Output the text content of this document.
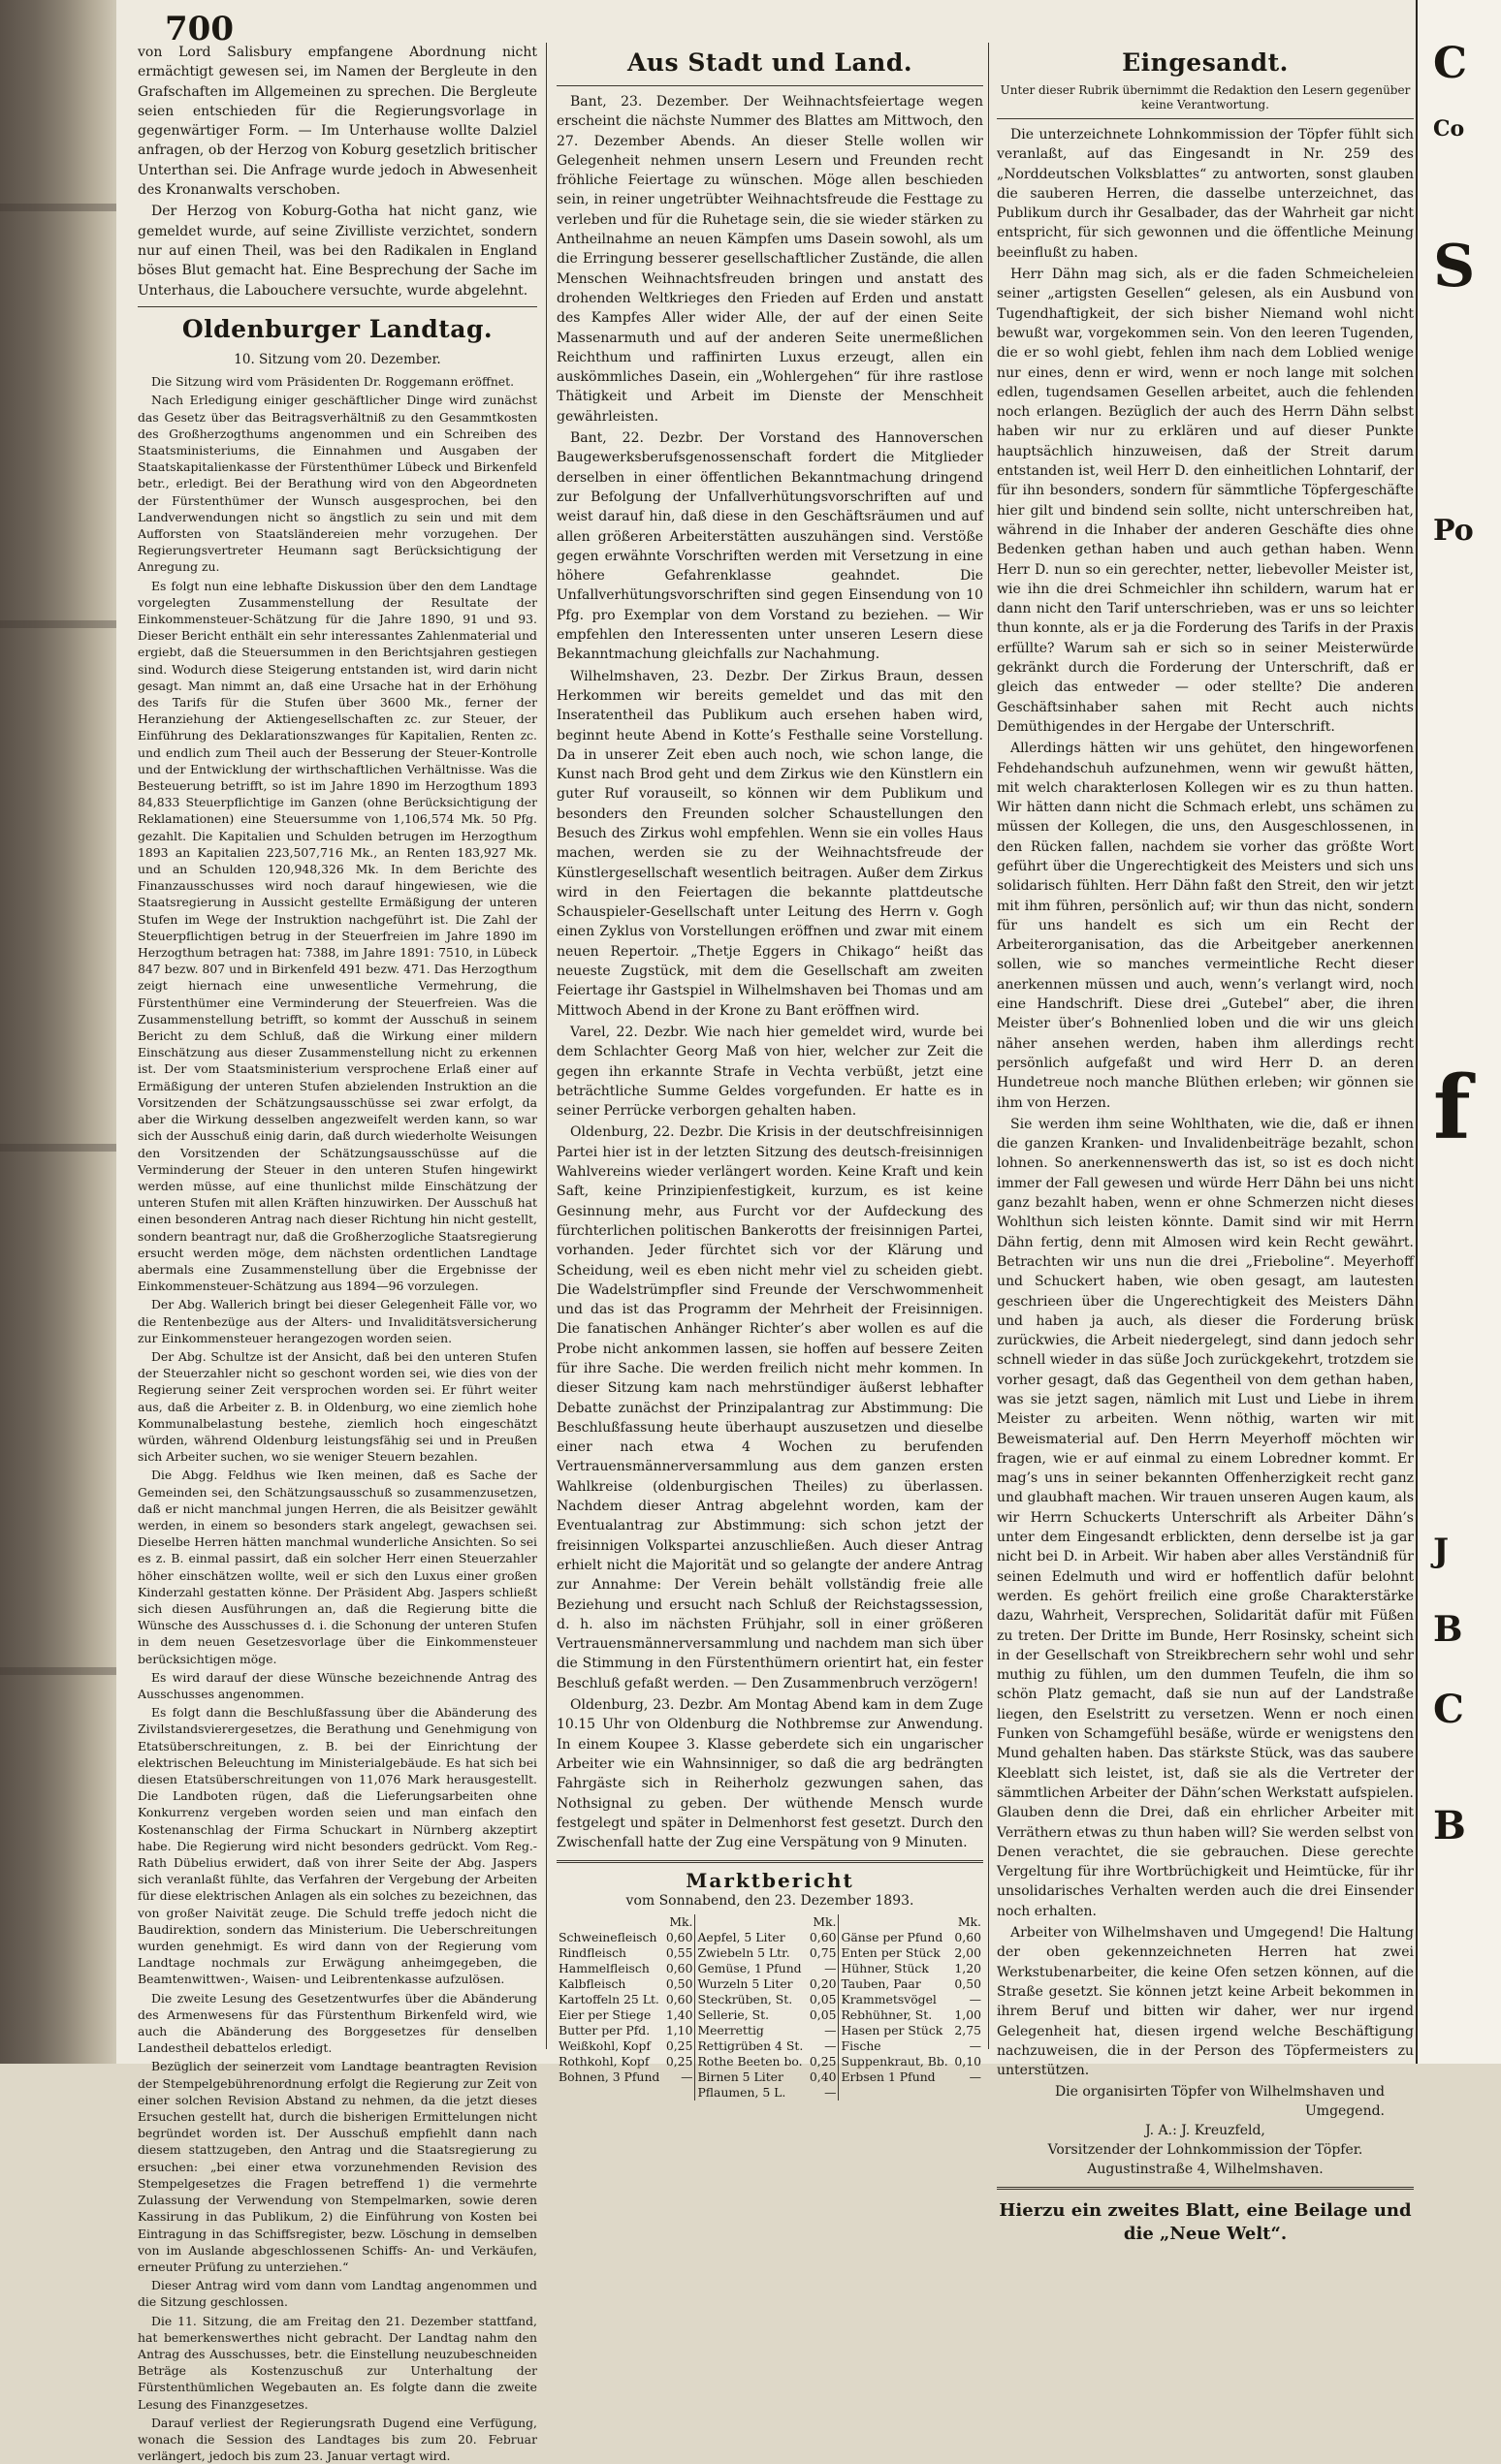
700

von Lord Salisbury empfangene Abordnung nicht ermächtigt gewesen sei, im Namen der Bergleute in den Grafschaften im Allgemeinen zu sprechen. Die Bergleute seien entschieden für die Regierungsvorlage in gegenwärtiger Form. — Im Unterhause wollte Dalziel anfragen, ob der Herzog von Koburg gesetzlich britischer Unterthan sei. Die Anfrage wurde jedoch in Abwesenheit des Kronanwalts verschoben.

Der Herzog von Koburg-Gotha hat nicht ganz, wie gemeldet wurde, auf seine Zivilliste verzichtet, sondern nur auf einen Theil, was bei den Radikalen in England böses Blut gemacht hat. Eine Besprechung der Sache im Unterhaus, die Labouchere versuchte, wurde abgelehnt.

Oldenburger Landtag.
10. Sitzung vom 20. Dezember.

Die Sitzung wird vom Präsidenten Dr. Roggemann eröffnet.

Nach Erledigung einiger geschäftlicher Dinge wird zunächst das Gesetz über das Beitragsverhältniß zu den Gesammtkosten des Großherzogthums angenommen und ein Schreiben des Staatsministeriums, die Einnahmen und Ausgaben der Staatskapitalienkasse der Fürstenthümer Lübeck und Birkenfeld betr., erledigt. Bei der Berathung wird von den Abgeordneten der Fürstenthümer der Wunsch ausgesprochen, bei den Landverwendungen nicht so ängstlich zu sein und mit dem Aufforsten von Staatsländereien mehr vorzugehen. Der Regierungsvertreter Heumann sagt Berücksichtigung der Anregung zu.

Es folgt nun eine lebhafte Diskussion über den dem Landtage vorgelegten Zusammenstellung der Resultate der Einkommensteuer-Schätzung für die Jahre 1890, 91 und 93. Dieser Bericht enthält ein sehr interessantes Zahlenmaterial und ergiebt, daß die Steuersummen in den Berichtsjahren gestiegen sind. Wodurch diese Steigerung entstanden ist, wird darin nicht gesagt. Man nimmt an, daß eine Ursache hat in der Erhöhung des Tarifs für die Stufen über 3600 Mk., ferner der Heranziehung der Aktiengesellschaften zc. zur Steuer, der Einführung des Deklarationszwanges für Kapitalien, Renten zc. und endlich zum Theil auch der Besserung der Steuer-Kontrolle und der Entwicklung der wirthschaftlichen Verhältnisse. Was die Besteuerung betrifft, so ist im Jahre 1890 im Herzogthum 1893 84,833 Steuerpflichtige im Ganzen (ohne Berücksichtigung der Reklamationen) eine Steuersumme von 1,106,574 Mk. 50 Pfg. gezahlt. Die Kapitalien und Schulden betrugen im Herzogthum 1893 an Kapitalien 223,507,716 Mk., an Renten 183,927 Mk. und an Schulden 120,948,326 Mk. In dem Berichte des Finanzausschusses wird noch darauf hingewiesen, wie die Staatsregierung in Aussicht gestellte Ermäßigung der unteren Stufen im Wege der Instruktion nachgeführt ist. Die Zahl der Steuerpflichtigen betrug in der Steuerfreien im Jahre 1890 im Herzogthum betragen hat: 7388, im Jahre 1891: 7510, in Lübeck 847 bezw. 807 und in Birkenfeld 491 bezw. 471. Das Herzogthum zeigt hiernach eine unwesentliche Vermehrung, die Fürstenthümer eine Verminderung der Steuerfreien. Was die Zusammenstellung betrifft, so kommt der Ausschuß in seinem Bericht zu dem Schluß, daß die Wirkung einer mildern Einschätzung aus dieser Zusammenstellung nicht zu erkennen ist. Der vom Staatsministerium versprochene Erlaß einer auf Ermäßigung der unteren Stufen abzielenden Instruktion an die Vorsitzenden der Schätzungsausschüsse sei zwar erfolgt, da aber die Wirkung desselben angezweifelt werden kann, so war sich der Ausschuß einig darin, daß durch wiederholte Weisungen den Vorsitzenden der Schätzungsausschüsse auf die Verminderung der Steuer in den unteren Stufen hingewirkt werden müsse, auf eine thunlichst milde Einschätzung der unteren Stufen mit allen Kräften hinzuwirken. Der Ausschuß hat einen besonderen Antrag nach dieser Richtung hin nicht gestellt, sondern beantragt nur, daß die Großherzogliche Staatsregierung ersucht werden möge, dem nächsten ordentlichen Landtage abermals eine Zusammenstellung über die Ergebnisse der Einkommensteuer-Schätzung aus 1894—96 vorzulegen.

Der Abg. Wallerich bringt bei dieser Gelegenheit Fälle vor, wo die Rentenbezüge aus der Alters- und Invaliditätsversicherung zur Einkommensteuer herangezogen worden seien.

Der Abg. Schultze ist der Ansicht, daß bei den unteren Stufen der Steuerzahler nicht so geschont worden sei, wie dies von der Regierung seiner Zeit versprochen worden sei. Er führt weiter aus, daß die Arbeiter z. B. in Oldenburg, wo eine ziemlich hohe Kommunalbelastung bestehe, ziemlich hoch eingeschätzt würden, während Oldenburg leistungsfähig sei und in Preußen sich Arbeiter suchen, wo sie weniger Steuern bezahlen.

Die Abgg. Feldhus wie Iken meinen, daß es Sache der Gemeinden sei, den Schätzungsausschuß so zusammenzusetzen, daß er nicht manchmal jungen Herren, die als Beisitzer gewählt werden, in einem so besonders stark angelegt, gewachsen sei. Dieselbe Herren hätten manchmal wunderliche Ansichten. So sei es z. B. einmal passirt, daß ein solcher Herr einen Steuerzahler höher einschätzen wollte, weil er sich den Luxus einer großen Kinderzahl gestatten könne. Der Präsident Abg. Jaspers schließt sich diesen Ausführungen an, daß die Regierung bitte die Wünsche des Ausschusses d. i. die Schonung der unteren Stufen in dem neuen Gesetzesvorlage über die Einkommensteuer berücksichtigen möge.

Es wird darauf der diese Wünsche bezeichnende Antrag des Ausschusses angenommen.

Es folgt dann die Beschlußfassung über die Abänderung des Zivilstandsvierergesetzes, die Berathung und Genehmigung von Etatsüberschreitungen, z. B. bei der Einrichtung der elektrischen Beleuchtung im Ministerialgebäude. Es hat sich bei diesen Etatsüberschreitungen von 11,076 Mark herausgestellt. Die Landboten rügen, daß die Lieferungsarbeiten ohne Konkurrenz vergeben worden seien und man einfach den Kostenanschlag der Firma Schuckart in Nürnberg akzeptirt habe. Die Regierung wird nicht besonders gedrückt. Vom Reg.-Rath Dübelius erwidert, daß von ihrer Seite der Abg. Jaspers sich veranlaßt fühlte, das Verfahren der Vergebung der Arbeiten für diese elektrischen Anlagen als ein solches zu bezeichnen, das von großer Naivität zeuge. Die Schuld treffe jedoch nicht die Baudirektion, sondern das Ministerium. Die Ueberschreitungen wurden genehmigt. Es wird dann von der Regierung vom Landtage nochmals zur Erwägung anheimgegeben, die Beamtenwittwen-, Waisen- und Leibrentenkasse aufzulösen.

Die zweite Lesung des Gesetzentwurfes über die Abänderung des Armenwesens für das Fürstenthum Birkenfeld wird, wie auch die Abänderung des Borggesetzes für denselben Landestheil debattelos erledigt.

Bezüglich der seinerzeit vom Landtage beantragten Revision der Stempelgebührenordnung erfolgt die Regierung zur Zeit von einer solchen Revision Abstand zu nehmen, da die jetzt dieses Ersuchen gestellt hat, durch die bisherigen Ermittelungen nicht begründet worden ist. Der Ausschuß empfiehlt dann nach diesem stattzugeben, den Antrag und die Staatsregierung zu ersuchen: „bei einer etwa vorzunehmenden Revision des Stempelgesetzes die Fragen betreffend 1) die vermehrte Zulassung der Verwendung von Stempelmarken, sowie deren Kassirung in das Publikum, 2) die Einführung von Kosten bei Eintragung in das Schiffsregister, bezw. Löschung in demselben von im Auslande abgeschlossenen Schiffs- An- und Verkäufen, erneuter Prüfung zu unterziehen.“

Dieser Antrag wird vom dann vom Landtag angenommen und die Sitzung geschlossen.

Die 11. Sitzung, die am Freitag den 21. Dezember stattfand, hat bemerkenswerthes nicht gebracht. Der Landtag nahm den Antrag des Ausschusses, betr. die Einstellung neuzubeschneiden Beträge als Kostenzuschuß zur Unterhaltung der Fürstenthümlichen Wegebauten an. Es folgte dann die zweite Lesung des Finanzgesetzes.

Darauf verliest der Regierungsrath Dugend eine Verfügung, wonach die Session des Landtages bis zum 20. Februar verlängert, jedoch bis zum 23. Januar vertagt wird.

Aus Stadt und Land.

Bant, 23. Dezember. Der Weihnachtsfeiertage wegen erscheint die nächste Nummer des Blattes am Mittwoch, den 27. Dezember Abends. An dieser Stelle wollen wir Gelegenheit nehmen unsern Lesern und Freunden recht fröhliche Feiertage zu wünschen. Möge allen beschieden sein, in reiner ungetrübter Weihnachtsfreude die Festtage zu verleben und für die Ruhetage sein, die sie wieder stärken zu Antheilnahme an neuen Kämpfen ums Dasein sowohl, als um die Erringung besserer gesellschaftlicher Zustände, die allen Menschen Weihnachtsfreuden bringen und anstatt des drohenden Weltkrieges den Frieden auf Erden und anstatt des Kampfes Aller wider Alle, der auf der einen Seite Massenarmuth und auf der anderen Seite unermeßlichen Reichthum und raffinirten Luxus erzeugt, allen ein auskömmliches Dasein, ein „Wohlergehen“ für ihre rastlose Thätigkeit und Arbeit im Dienste der Menschheit gewährleisten.

Bant, 22. Dezbr. Der Vorstand des Hannoverschen Baugewerksberufsgenossenschaft fordert die Mitglieder derselben in einer öffentlichen Bekanntmachung dringend zur Befolgung der Unfallverhütungsvorschriften auf und weist darauf hin, daß diese in den Geschäftsräumen und auf allen größeren Arbeiterstätten auszuhängen sind. Verstöße gegen erwähnte Vorschriften werden mit Versetzung in eine höhere Gefahrenklasse geahndet. Die Unfallverhütungsvorschriften sind gegen Einsendung von 10 Pfg. pro Exemplar von dem Vorstand zu beziehen. — Wir empfehlen den Interessenten unter unseren Lesern diese Bekanntmachung gleichfalls zur Nachahmung.

Wilhelmshaven, 23. Dezbr. Der Zirkus Braun, dessen Herkommen wir bereits gemeldet und das mit den Inseratentheil das Publikum auch ersehen haben wird, beginnt heute Abend in Kotte’s Festhalle seine Vorstellung. Da in unserer Zeit eben auch noch, wie schon lange, die Kunst nach Brod geht und dem Zirkus wie den Künstlern ein guter Ruf vorauseilt, so können wir dem Publikum und besonders den Freunden solcher Schaustellungen den Besuch des Zirkus wohl empfehlen. Wenn sie ein volles Haus machen, werden sie zu der Weihnachtsfreude der Künstlergesellschaft wesentlich beitragen. Außer dem Zirkus wird in den Feiertagen die bekannte plattdeutsche Schauspieler-Gesellschaft unter Leitung des Herrn v. Gogh einen Zyklus von Vorstellungen eröffnen und zwar mit einem neuen Repertoir. „Thetje Eggers in Chikago“ heißt das neueste Zugstück, mit dem die Gesellschaft am zweiten Feiertage ihr Gastspiel in Wilhelmshaven bei Thomas und am Mittwoch Abend in der Krone zu Bant eröffnen wird.

Varel, 22. Dezbr. Wie nach hier gemeldet wird, wurde bei dem Schlachter Georg Maß von hier, welcher zur Zeit die gegen ihn erkannte Strafe in Vechta verbüßt, jetzt eine beträchtliche Summe Geldes vorgefunden. Er hatte es in seiner Perrücke verborgen gehalten haben.

Oldenburg, 22. Dezbr. Die Krisis in der deutschfreisinnigen Partei hier ist in der letzten Sitzung des deutsch-freisinnigen Wahlvereins wieder verlängert worden. Keine Kraft und kein Saft, keine Prinzipienfestigkeit, kurzum, es ist keine Gesinnung mehr, aus Furcht vor der Aufdeckung des fürchterlichen politischen Bankerotts der freisinnigen Partei, vorhanden. Jeder fürchtet sich vor der Klärung und Scheidung, weil es eben nicht mehr viel zu scheiden giebt. Die Wadelstrümpfler sind Freunde der Verschwommenheit und das ist das Programm der Mehrheit der Freisinnigen. Die fanatischen Anhänger Richter’s aber wollen es auf die Probe nicht ankommen lassen, sie hoffen auf bessere Zeiten für ihre Sache. Die werden freilich nicht mehr kommen. In dieser Sitzung kam nach mehrstündiger äußerst lebhafter Debatte zunächst der Prinzipalantrag zur Abstimmung: Die Beschlußfassung heute überhaupt auszusetzen und dieselbe einer nach etwa 4 Wochen zu berufenden Vertrauensmännerversammlung aus dem ganzen ersten Wahlkreise (oldenburgischen Theiles) zu überlassen. Nachdem dieser Antrag abgelehnt worden, kam der Eventualantrag zur Abstimmung: sich schon jetzt der freisinnigen Volkspartei anzuschließen. Auch dieser Antrag erhielt nicht die Majorität und so gelangte der andere Antrag zur Annahme: Der Verein behält vollständig freie alle Beziehung und ersucht nach Schluß der Reichstagssession, d. h. also im nächsten Frühjahr, soll in einer größeren Vertrauensmännerversammlung und nachdem man sich über die Stimmung in den Fürstenthümern orientirt hat, ein fester Beschluß gefaßt werden. — Den Zusammenbruch verzögern!

Oldenburg, 23. Dezbr. Am Montag Abend kam in dem Zuge 10.15 Uhr von Oldenburg die Nothbremse zur Anwendung. In einem Koupee 3. Klasse geberdete sich ein ungarischer Arbeiter wie ein Wahnsinniger, so daß die arg bedrängten Fahrgäste sich in Reiherholz gezwungen sahen, das Nothsignal zu geben. Der wüthende Mensch wurde festgelegt und später in Delmenhorst fest gesetzt. Durch den Zwischenfall hatte der Zug eine Verspätung von 9 Minuten.

Marktbericht
vom Sonnabend, den 23. Dezember 1893.
	Mk.		Mk.		Mk.
Schweinefleisch	0,60	Aepfel, 5 Liter	0,60	Gänse per Pfund	0,60
Rindfleisch	0,55	Zwiebeln 5 Ltr.	0,75	Enten per Stück	2,00
Hammelfleisch	0,60	Gemüse, 1 Pfund	—	Hühner, Stück	1,20
Kalbfleisch	0,50	Wurzeln 5 Liter	0,20	Tauben, Paar	0,50
Kartoffeln 25 Lt.	0,60	Steckrüben, St.	0,05	Krammetsvögel	—
Eier per Stiege	1,40	Sellerie, St.	0,05	Rebhühner, St.	1,00
Butter per Pfd.	1,10	Meerrettig	—	Hasen per Stück	2,75
Weißkohl, Kopf	0,25	Rettigrüben 4 St.	—	Fische	—
Rothkohl, Kopf	0,25	Rothe Beeten bo.	0,25	Suppenkraut, Bb.	0,10
Bohnen, 3 Pfund	—	Birnen 5 Liter	0,40	Erbsen 1 Pfund	—
		Pflaumen, 5 L.	—		
Eingesandt.
Unter dieser Rubrik übernimmt die Redaktion den Lesern gegenüber keine Verantwortung.

Die unterzeichnete Lohnkommission der Töpfer fühlt sich veranlaßt, auf das Eingesandt in Nr. 259 des „Norddeutschen Volksblattes“ zu antworten, sonst glauben die sauberen Herren, die dasselbe unterzeichnet, das Publikum durch ihr Gesalbader, das der Wahrheit gar nicht entspricht, für sich gewonnen und die öffentliche Meinung beeinflußt zu haben.

Herr Dähn mag sich, als er die faden Schmeicheleien seiner „artigsten Gesellen“ gelesen, als ein Ausbund von Tugendhaftigkeit, der sich bisher Niemand wohl nicht bewußt war, vorgekommen sein. Von den leeren Tugenden, die er so wohl giebt, fehlen ihm nach dem Loblied wenige nur eines, denn er wird, wenn er noch lange mit solchen edlen, tugendsamen Gesellen arbeitet, auch die fehlenden noch erlangen. Bezüglich der auch des Herrn Dähn selbst haben wir nur zu erklären und auf dieser Punkte hauptsächlich hinzuweisen, daß der Streit darum entstanden ist, weil Herr D. den einheitlichen Lohntarif, der für ihn besonders, sondern für sämmtliche Töpfergeschäfte hier gilt und bindend sein sollte, nicht unterschreiben hat, während in die Inhaber der anderen Geschäfte dies ohne Bedenken gethan haben und auch gethan haben. Wenn Herr D. nun so ein gerechter, netter, liebevoller Meister ist, wie ihn die drei Schmeichler ihn schildern, warum hat er dann nicht den Tarif unterschrieben, was er uns so leichter thun konnte, als er ja die Forderung des Tarifs in der Praxis erfüllte? Warum sah er sich so in seiner Meisterwürde gekränkt durch die Forderung der Unterschrift, daß er gleich das entweder — oder stellte? Die anderen Geschäftsinhaber sahen mit Recht auch nichts Demüthigendes in der Hergabe der Unterschrift.

Allerdings hätten wir uns gehütet, den hingeworfenen Fehdehandschuh aufzunehmen, wenn wir gewußt hätten, mit welch charakterlosen Kollegen wir es zu thun hatten. Wir hätten dann nicht die Schmach erlebt, uns schämen zu müssen der Kollegen, die uns, den Ausgeschlossenen, in den Rücken fallen, nachdem sie vorher das größte Wort geführt über die Ungerechtigkeit des Meisters und sich uns solidarisch fühlten. Herr Dähn faßt den Streit, den wir jetzt mit ihm führen, persönlich auf; wir thun das nicht, sondern für uns handelt es sich um ein Recht der Arbeiterorganisation, das die Arbeitgeber anerkennen sollen, wie so manches vermeintliche Recht dieser anerkennen müssen und auch, wenn’s verlangt wird, noch eine Handschrift. Diese drei „Gutebel“ aber, die ihren Meister über’s Bohnenlied loben und die wir uns gleich näher ansehen werden, haben ihm allerdings recht persönlich aufgefaßt und wird Herr D. an deren Hundetreue noch manche Blüthen erleben; wir gönnen sie ihm von Herzen.

Sie werden ihm seine Wohlthaten, wie die, daß er ihnen die ganzen Kranken- und Invalidenbeiträge bezahlt, schon lohnen. So anerkennenswerth das ist, so ist es doch nicht immer der Fall gewesen und würde Herr Dähn bei uns nicht ganz bezahlt haben, wenn er ohne Schmerzen nicht dieses Wohlthun sich leisten könnte. Damit sind wir mit Herrn Dähn fertig, denn mit Almosen wird kein Recht gewährt. Betrachten wir uns nun die drei „Frieboline“. Meyerhoff und Schuckert haben, wie oben gesagt, am lautesten geschrieen über die Ungerechtigkeit des Meisters Dähn und haben ja auch, als dieser die Forderung brüsk zurückwies, die Arbeit niedergelegt, sind dann jedoch sehr schnell wieder in das süße Joch zurückgekehrt, trotzdem sie vorher gesagt, daß das Gegentheil von dem gethan haben, was sie jetzt sagen, nämlich mit Lust und Liebe in ihrem Meister zu arbeiten. Wenn nöthig, warten wir mit Beweismaterial auf. Den Herrn Meyerhoff möchten wir fragen, wie er auf einmal zu einem Lobredner kommt. Er mag’s uns in seiner bekannten Offenherzigkeit recht ganz und glaubhaft machen. Wir trauen unseren Augen kaum, als wir Herrn Schuckerts Unterschrift als Arbeiter Dähn’s unter dem Eingesandt erblickten, denn derselbe ist ja gar nicht bei D. in Arbeit. Wir haben aber alles Verständniß für seinen Edelmuth und wird er hoffentlich dafür belohnt werden. Es gehört freilich eine große Charakterstärke dazu, Wahrheit, Versprechen, Solidarität dafür mit Füßen zu treten. Der Dritte im Bunde, Herr Rosinsky, scheint sich in der Gesellschaft von Streikbrechern sehr wohl und sehr muthig zu fühlen, um den dummen Teufeln, die ihm so schön Platz gemacht, daß sie nun auf der Landstraße liegen, den Eselstritt zu versetzen. Wenn er noch einen Funken von Schamgefühl besäße, würde er wenigstens den Mund gehalten haben. Das stärkste Stück, was das saubere Kleeblatt sich leistet, ist, daß sie als die Vertreter der sämmtlichen Arbeiter der Dähn’schen Werkstatt aufspielen. Glauben denn die Drei, daß ein ehrlicher Arbeiter mit Verräthern etwas zu thun haben will? Sie werden selbst von Denen verachtet, die sie gebrauchen. Diese gerechte Vergeltung für ihre Wortbrüchigkeit und Heimtücke, für ihr unsolidarisches Verhalten werden auch die drei Einsender noch erhalten.

Arbeiter von Wilhelmshaven und Umgegend! Die Haltung der oben gekennzeichneten Herren hat zwei Werkstubenarbeiter, die keine Ofen setzen können, auf die Straße gesetzt. Sie können jetzt keine Arbeit bekommen in ihrem Beruf und bitten wir daher, wer nur irgend Gelegenheit hat, diesen irgend welche Beschäftigung nachzuweisen, die in der Person des Töpfermeisters zu unterstützen.

Die organisirten Töpfer von Wilhelmshaven und Umgegend.
J. A.: J. Kreuzfeld,
Vorsitzender der Lohnkommission der Töpfer.
Augustinstraße 4, Wilhelmshaven.
Hierzu ein zweites Blatt, eine Beilage und die „Neue Welt“.
C
Co
S
Po
f
J
B
C
B
